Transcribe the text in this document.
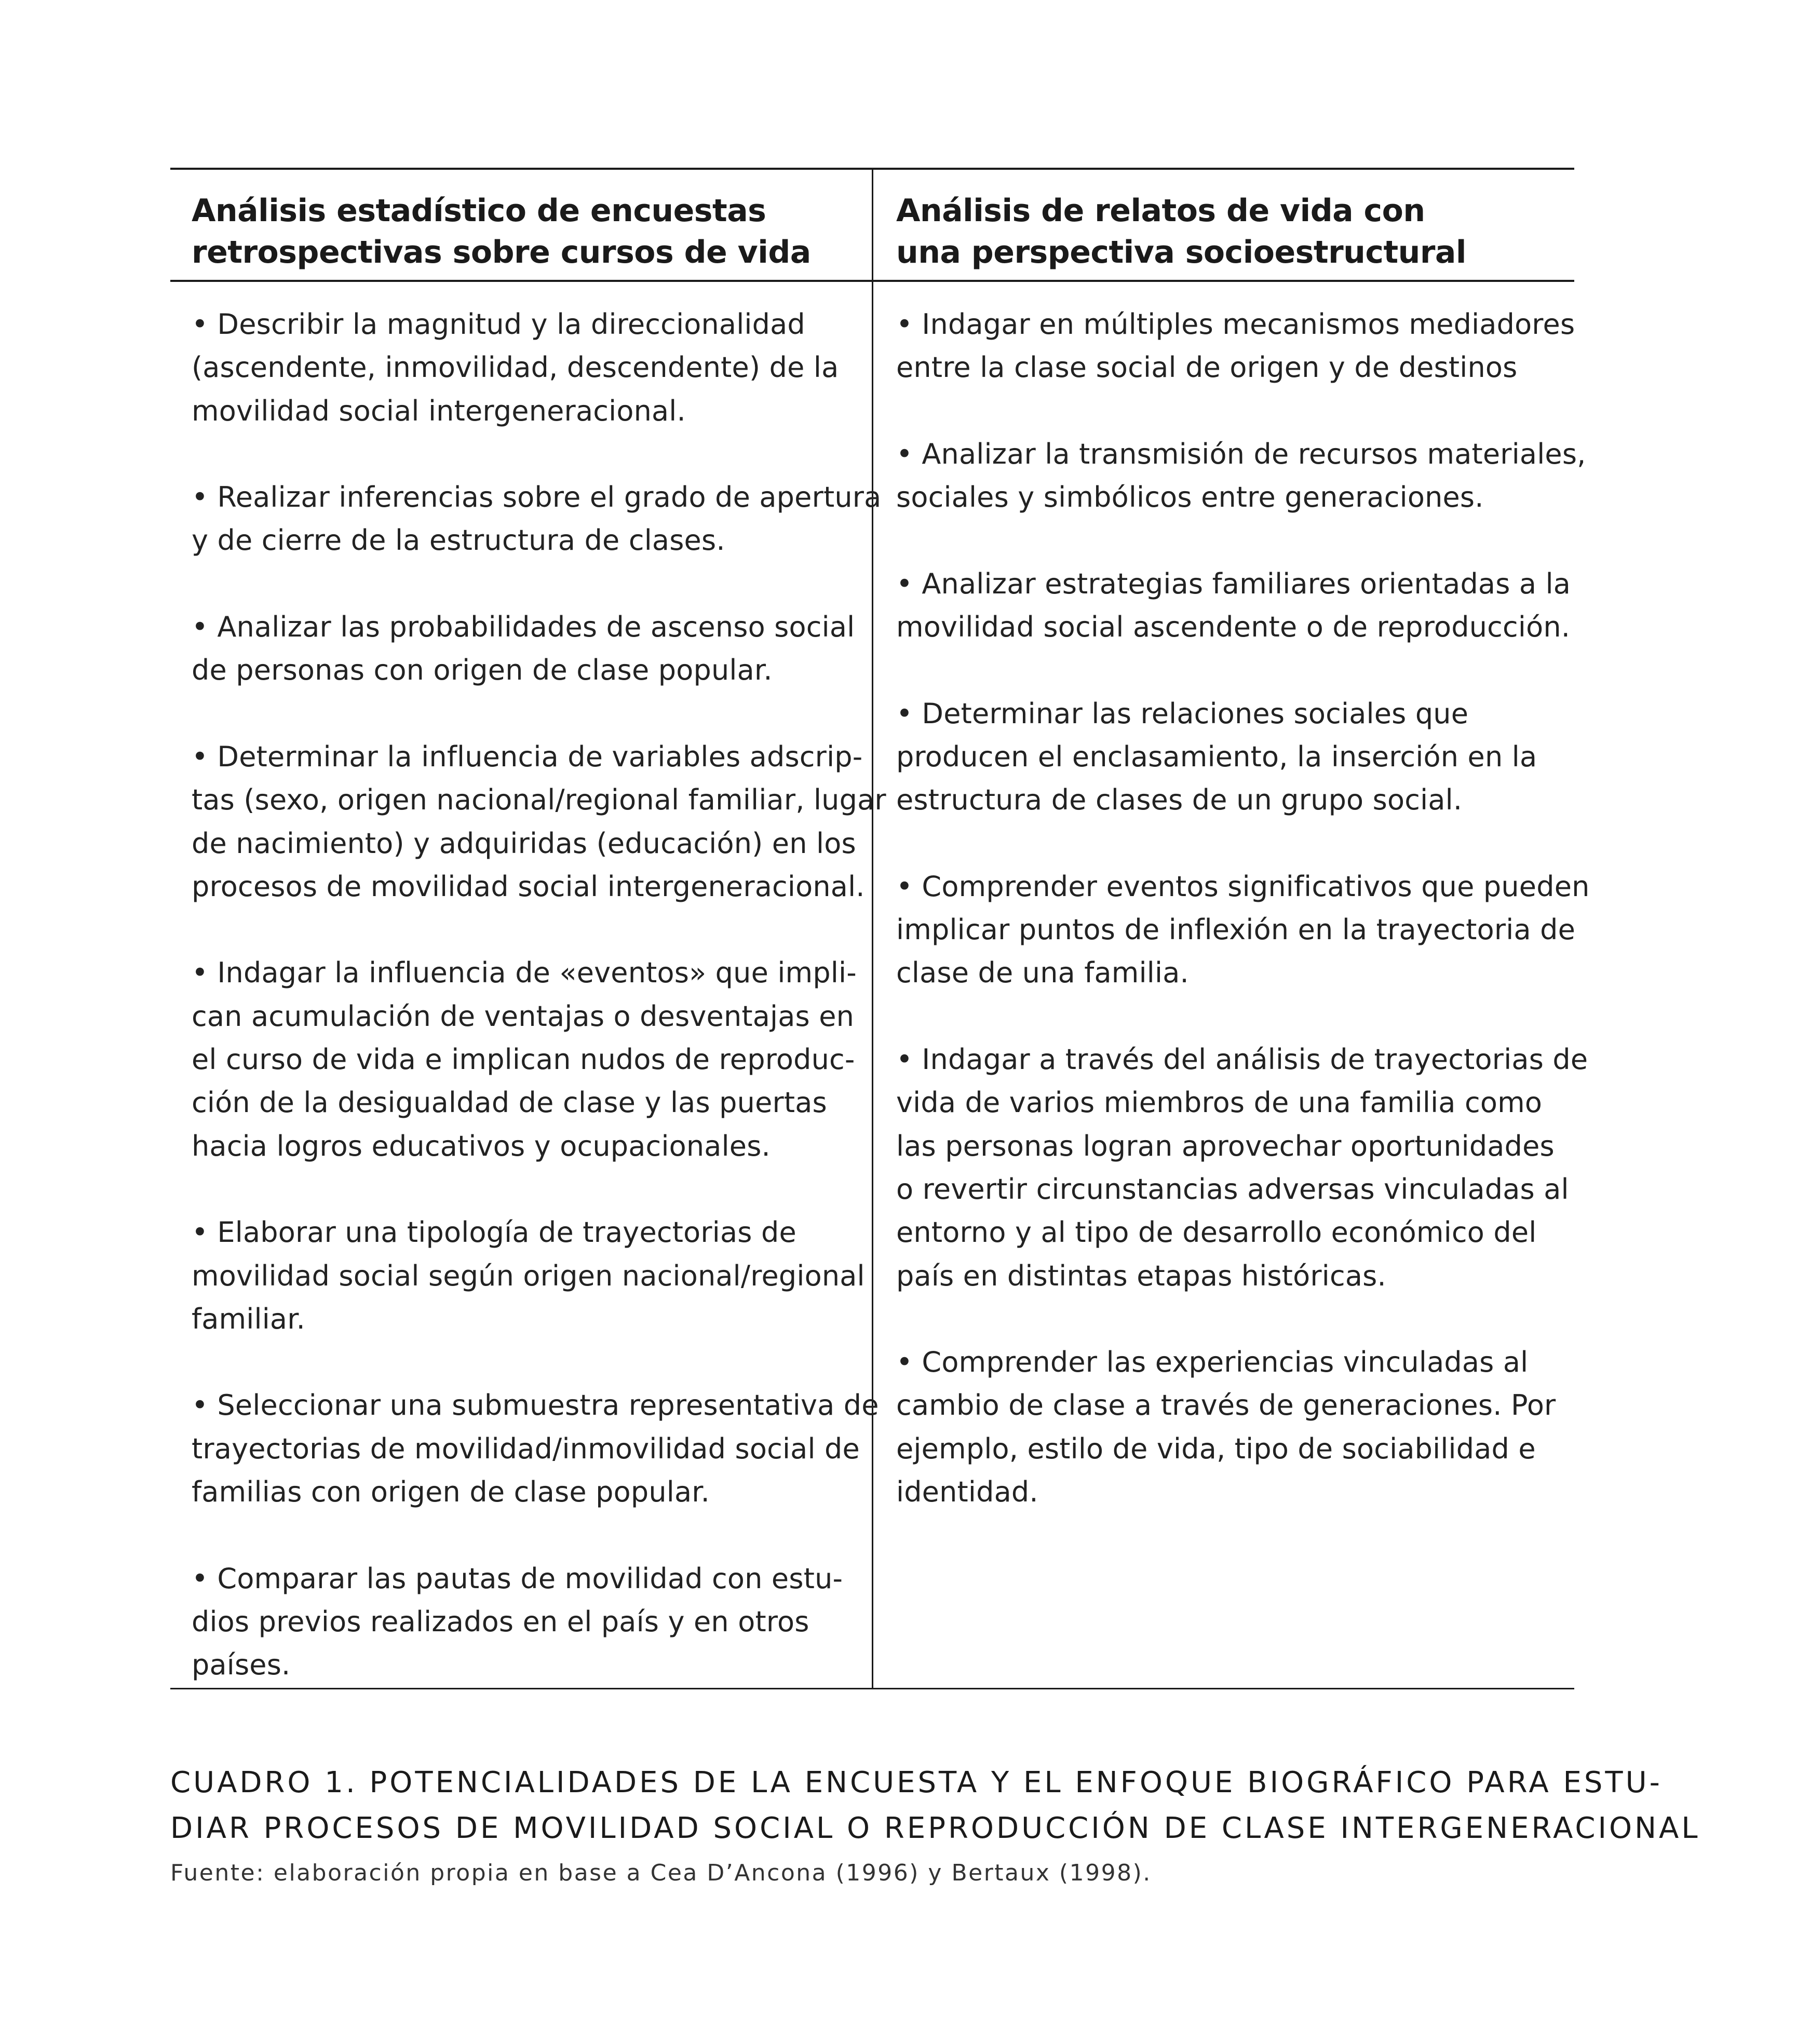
Análisis estadístico de encuestas
retrospectivas sobre cursos de vida
Análisis de relatos de vida con
una perspectiva socioestructural
• Describir la magnitud y la direccionalidad
(ascendente, inmovilidad, descendente) de la
movilidad social intergeneracional.
• Realizar inferencias sobre el grado de apertura
y de cierre de la estructura de clases.
• Analizar las probabilidades de ascenso social
de personas con origen de clase popular.
• Determinar la influencia de variables adscrip-
tas (sexo, origen nacional/regional familiar, lugar
de nacimiento) y adquiridas (educación) en los
procesos de movilidad social intergeneracional.
• Indagar la influencia de «eventos» que impli-
can acumulación de ventajas o desventajas en
el curso de vida e implican nudos de reproduc-
ción de la desigualdad de clase y las puertas
hacia logros educativos y ocupacionales.
• Elaborar una tipología de trayectorias de
movilidad social según origen nacional/regional
familiar.
• Seleccionar una submuestra representativa de
trayectorias de movilidad/inmovilidad social de
familias con origen de clase popular.
• Comparar las pautas de movilidad con estu-
dios previos realizados en el país y en otros
países.
• Indagar en múltiples mecanismos mediadores
entre la clase social de origen y de destinos
• Analizar la transmisión de recursos materiales,
sociales y simbólicos entre generaciones.
• Analizar estrategias familiares orientadas a la
movilidad social ascendente o de reproducción.
• Determinar las relaciones sociales que
producen el enclasamiento, la inserción en la
estructura de clases de un grupo social.
• Comprender eventos significativos que pueden
implicar puntos de inflexión en la trayectoria de
clase de una familia.
• Indagar a través del análisis de trayectorias de
vida de varios miembros de una familia como
las personas logran aprovechar oportunidades
o revertir circunstancias adversas vinculadas al
entorno y al tipo de desarrollo económico del
país en distintas etapas históricas.
• Comprender las experiencias vinculadas al
cambio de clase a través de generaciones. Por
ejemplo, estilo de vida, tipo de sociabilidad e
identidad.

CUADRO 1. POTENCIALIDADES DE LA ENCUESTA Y EL ENFOQUE BIOGRÁFICO PARA ESTU-
DIAR PROCESOS DE MOVILIDAD SOCIAL O REPRODUCCIÓN DE CLASE INTERGENERACIONAL

Fuente: elaboración propia en base a Cea D’Ancona (1996) y Bertaux (1998).
